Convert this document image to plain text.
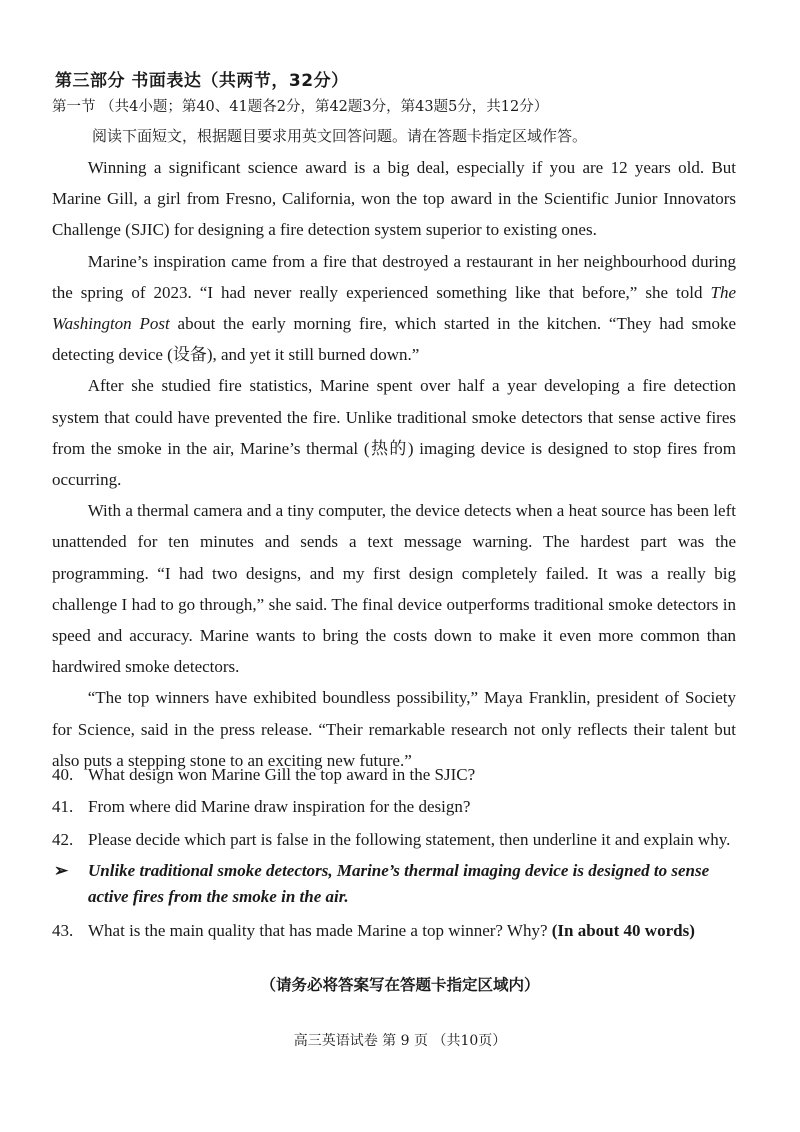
第三部分 书面表达（共两节，32分）
第一节 （共4小题；第40、41题各2分，第42题3分，第43题5分，共12分）
阅读下面短文，根据题目要求用英文回答问题。请在答题卡指定区域作答。

Winning a significant science award is a big deal, especially if you are 12 years old. But Marine Gill, a girl from Fresno, California, won the top award in the Scientific Junior Innovators Challenge (SJIC) for designing a fire detection system superior to existing ones.

Marine’s inspiration came from a fire that destroyed a restaurant in her neighbourhood during the spring of 2023. “I had never really experienced something like that before,” she told The Washington Post about the early morning fire, which started in the kitchen. “They had smoke detecting device (设备), and yet it still burned down.”

After she studied fire statistics, Marine spent over half a year developing a fire detection system that could have prevented the fire. Unlike traditional smoke detectors that sense active fires from the smoke in the air, Marine’s thermal (热的) imaging device is designed to stop fires from occurring.

With a thermal camera and a tiny computer, the device detects when a heat source has been left unattended for ten minutes and sends a text message warning. The hardest part was the programming. “I had two designs, and my first design completely failed. It was a really big challenge I had to go through,” she said. The final device outperforms traditional smoke detectors in speed and accuracy. Marine wants to bring the costs down to make it even more common than hardwired smoke detectors.

“The top winners have exhibited boundless possibility,” Maya Franklin, president of Society for Science, said in the press release. “Their remarkable research not only reflects their talent but also puts a stepping stone to an exciting new future.”

40. What design won Marine Gill the top award in the SJIC?
41. From where did Marine draw inspiration for the design?
42. Please decide which part is false in the following statement, then underline it and explain why.
➢ Unlike traditional smoke detectors, Marine’s thermal imaging device is designed to sense active fires from the smoke in the air.
43. What is the main quality that has made Marine a top winner? Why? (In about 40 words)
（请务必将答案写在答题卡指定区域内）
高三英语试卷 第 9 页 （共10页）
